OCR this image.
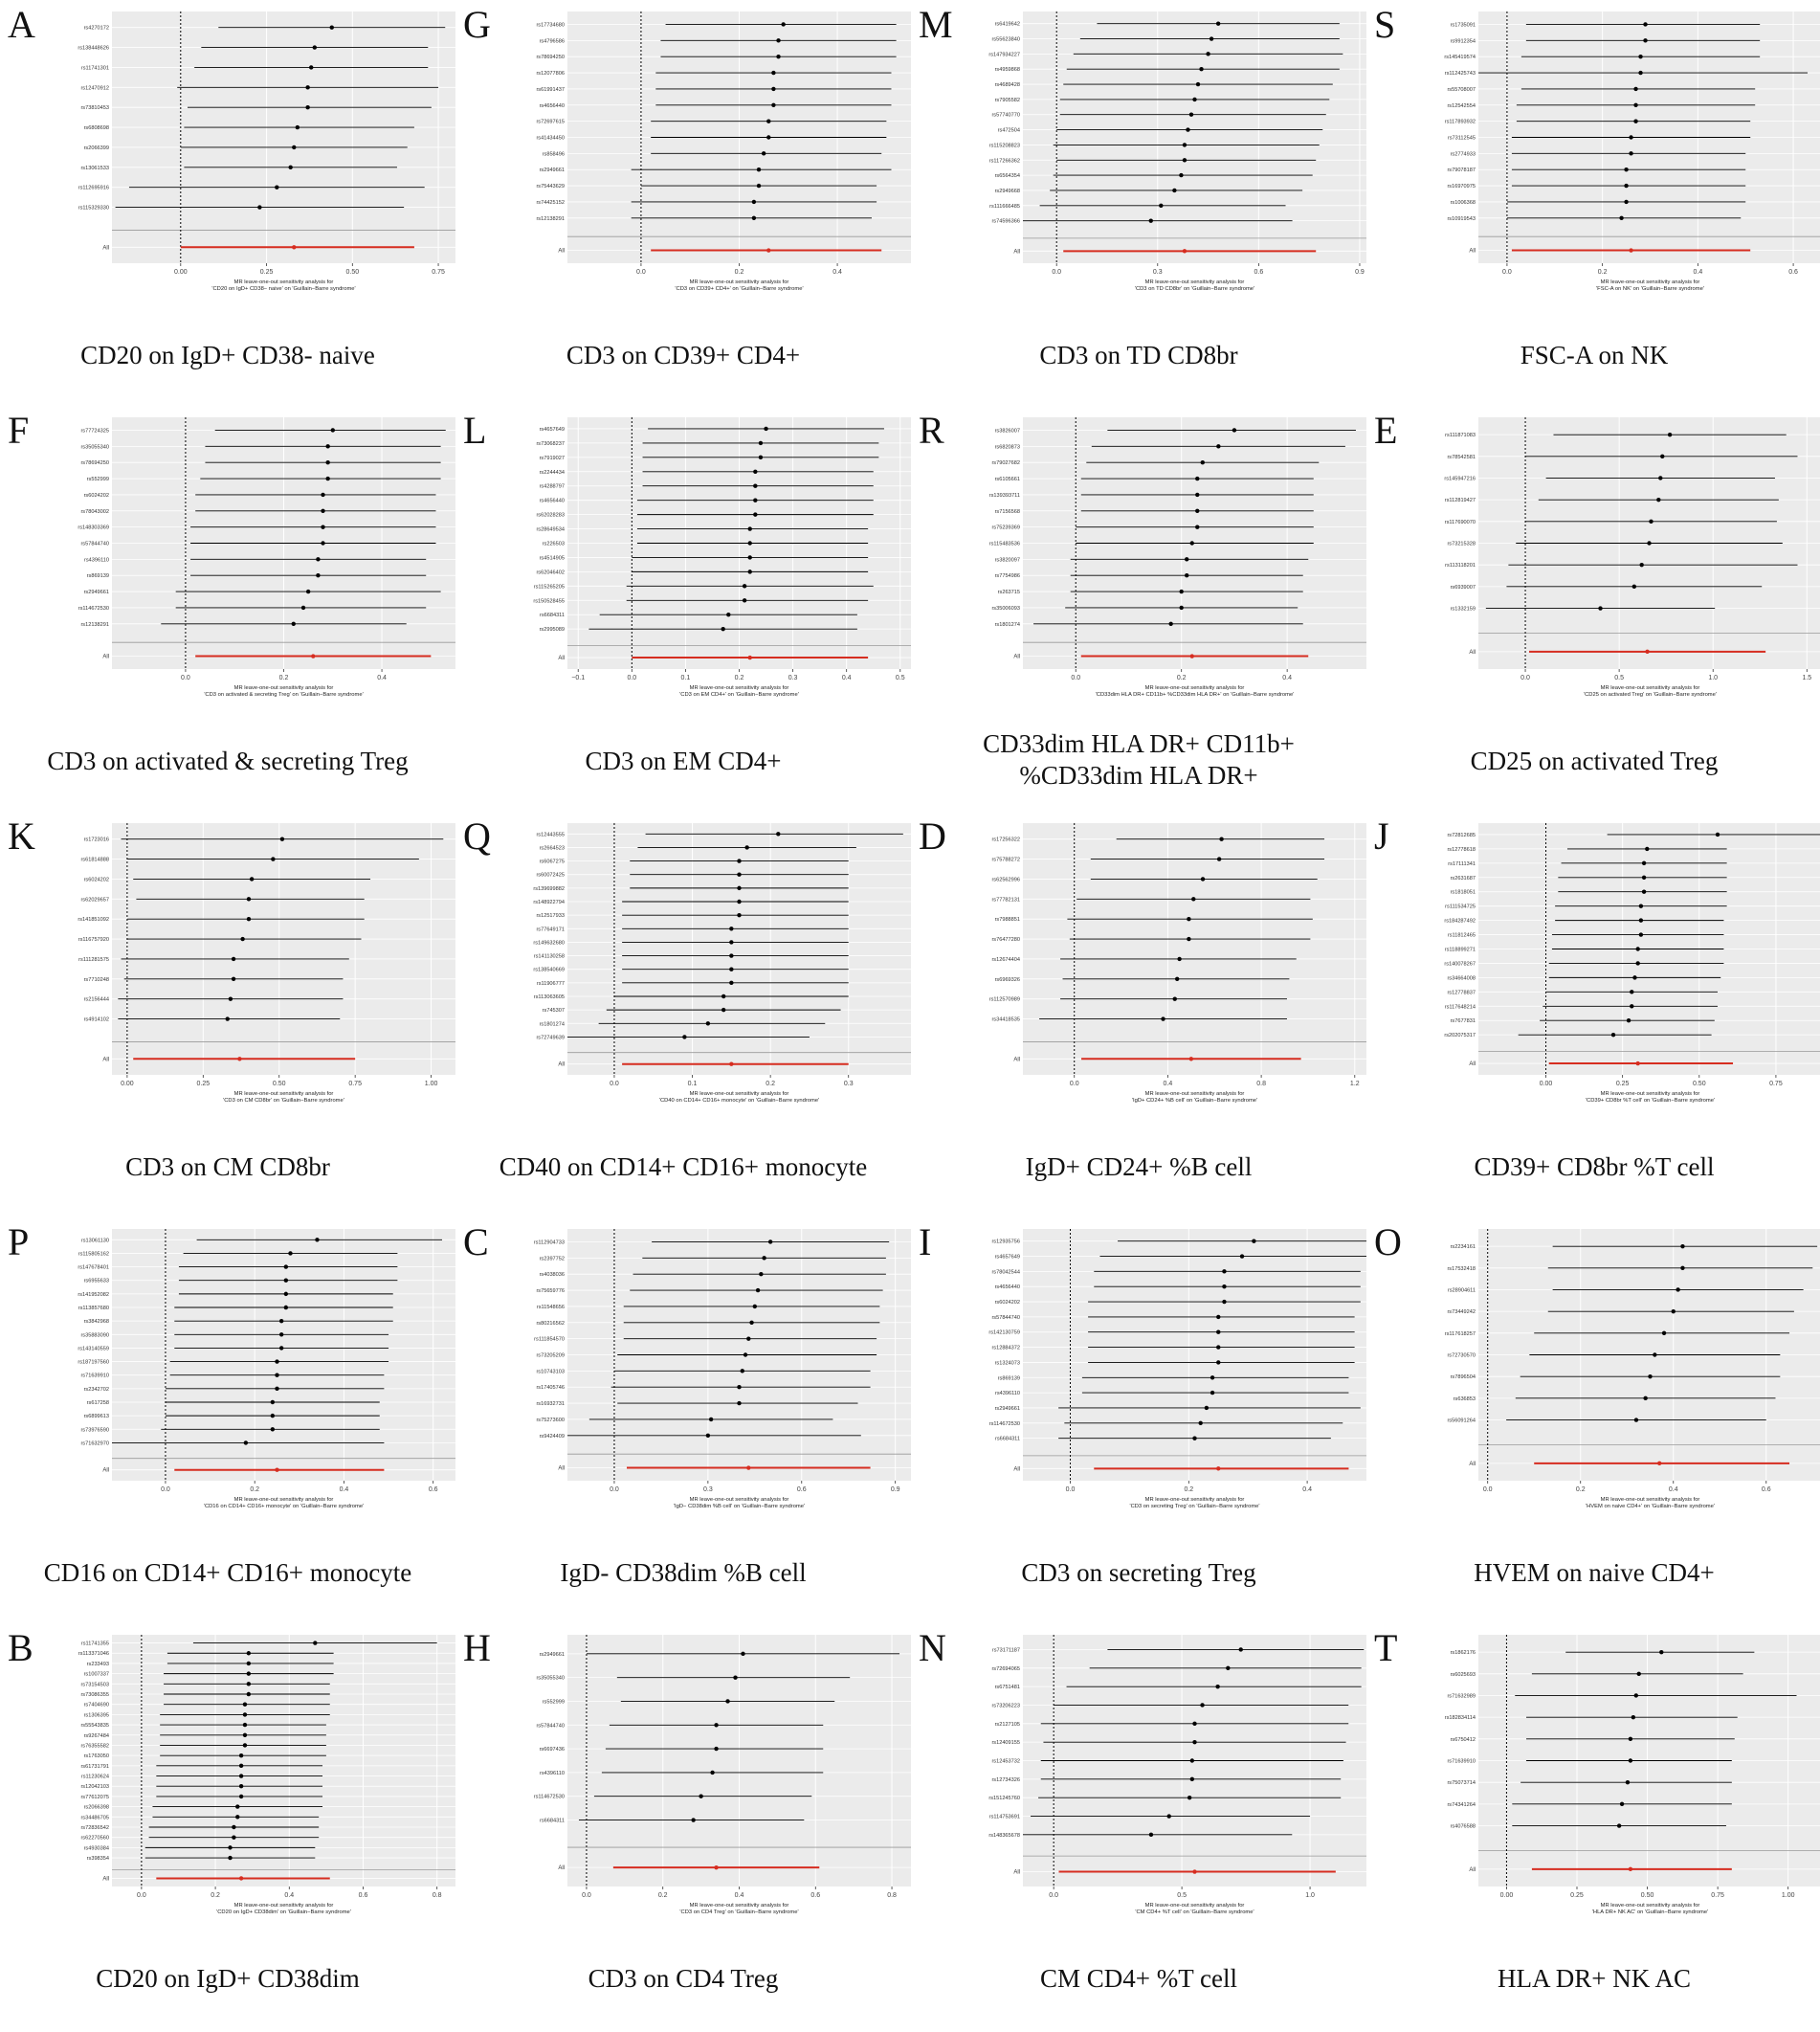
A	rs4270172
rs138448626
rs11741301
rs12470912
rs73810453
rs6808698
rs2066399
rs13061533
rs112695916
rs115329330
All
0.00	0.25	0.50	0.75
MR leave-one-out sensitivity analysis for
'CD20 on IgD+ CD38− naive' on 'Guillain−Barre syndrome'
CD20 on IgD+ CD38- naive
F	rs77724325
rs35055340
rs78694250
rs552999
rs6024202
rs78043002
rs148303369
rs57844740
rs4396110
rs869139
rs2949661
rs114672530
rs12138291
All
0.0	0.2	0.4
MR leave-one-out sensitivity analysis for
'CD3 on activated & secreting Treg' on 'Guillain−Barre syndrome'
CD3 on activated & secreting Treg
K	rs1723016
rs61814888
rs6024202
rs62029657
rs141851092
rs116757920
rs111281575
rs7710248
rs2156444
rs4914102
All
0.00	0.25	0.50	0.75	1.00
MR leave-one-out sensitivity analysis for
'CD3 on CM CD8br' on 'Guillain−Barre syndrome'
CD3 on CM CD8br
P	rs13061130
rs115805162
rs147678401
rs6955633
rs141952082
rs113857680
rs3842968
rs35883090
rs143140559
rs187197560
rs71639910
rs2342702
rs617258
rs6899613
rs73976590
rs71632970
All
0.0	0.2	0.4	0.6
MR leave-one-out sensitivity analysis for
'CD16 on CD14+ CD16+ monocyte' on 'Guillain−Barre syndrome'
CD16 on CD14+ CD16+ monocyte
B	rs11741355
rs113371046
rs233493
rs1007337
rs73154503
rs73086355
rs7404690
rs1306395
rs55543835
rs9267484
rs76355582
rs1763050
rs61731791
rs11230624
rs12042103
rs77612075
rs2066398
rs34486705
rs72836542
rs62270560
rs4930384
rs398354
All
0.0	0.2	0.4	0.6	0.8
MR leave-one-out sensitivity analysis for
'CD20 on IgD+ CD38dim' on 'Guillain−Barre syndrome'
CD20 on IgD+ CD38dim
G	rs17734680
rs4796586
rs78694250
rs12077806
rs61991437
rs4656440
rs72697615
rs41434450
rs858496
rs2949661
rs75443629
rs74425152
rs12138291
All
0.0	0.2	0.4
MR leave-one-out sensitivity analysis for
'CD3 on CD39+ CD4+' on 'Guillain−Barre syndrome'
CD3 on CD39+ CD4+
L	rs4657649
rs73068237
rs7919027
rs2244434
rs4288797
rs4656440
rs62028283
rs28649534
rs226503
rs4514905
rs62046402
rs115265205
rs150528455
rs6684311
rs2995089
All
−0.1	0.0	0.1	0.2	0.3	0.4	0.5
MR leave-one-out sensitivity analysis for
'CD3 on EM CD4+' on 'Guillain−Barre syndrome'
CD3 on EM CD4+
Q	rs12443555
rs2664523
rs6067275
rs60072425
rs139699882
rs148922794
rs12517933
rs77649171
rs149632680
rs141130258
rs138540669
rs11906777
rs113063605
rs745307
rs1801274
rs72749639
All
0.0	0.1	0.2	0.3
MR leave-one-out sensitivity analysis for
'CD40 on CD14+ CD16+ monocyte' on 'Guillain−Barre syndrome'
CD40 on CD14+ CD16+ monocyte
C	rs112904733
rs2397752
rs4038036
rs75659776
rs11548656
rs80216562
rs111854570
rs73205209
rs10743103
rs17405746
rs16932731
rs75273600
rs9424409
All
0.0	0.3	0.6	0.9
MR leave-one-out sensitivity analysis for
'IgD− CD38dim %B cell' on 'Guillain−Barre syndrome'
IgD- CD38dim %B cell
H	rs2949661
rs35055340
rs552999
rs57844740
rs6697436
rs4396110
rs114672530
rs6684311
All
0.0	0.2	0.4	0.6	0.8
MR leave-one-out sensitivity analysis for
'CD3 on CD4 Treg' on 'Guillain−Barre syndrome'
CD3 on CD4 Treg
M	rs6419642
rs55623840
rs147934227
rs4959868
rs4689428
rs7905582
rs57740770
rs472504
rs115208823
rs117266362
rs6564354
rs2949668
rs111666485
rs74596366
All
0.0	0.3	0.6	0.9
MR leave-one-out sensitivity analysis for
'CD3 on TD CD8br' on 'Guillain−Barre syndrome'
CD3 on TD CD8br
R	rs3826007
rs6820873
rs79027682
rs6105661
rs139393711
rs7156568
rs75239369
rs115483536
rs3820097
rs7754986
rs263715
rs35006093
rs1801274
All
0.0	0.2	0.4
MR leave-one-out sensitivity analysis for
'CD33dim HLA DR+ CD11b+ %CD33dim HLA DR+' on 'Guillain−Barre syndrome'
CD33dim HLA DR+ CD11b+ %CD33dim HLA DR+
D	rs17256322
rs75788272
rs62562996
rs77782131
rs7988851
rs76477280
rs12674404
rs6969326
rs112570989
rs34418535
All
0.0	0.4	0.8	1.2
MR leave-one-out sensitivity analysis for
'IgD+ CD24+ %B cell' on 'Guillain−Barre syndrome'
IgD+ CD24+ %B cell
I	rs12935756
rs4657649
rs78042544
rs4656440
rs6024202
rs57844740
rs142130759
rs12884372
rs1324073
rs869139
rs4396110
rs2949661
rs114672530
rs6684311
All
0.0	0.2	0.4
MR leave-one-out sensitivity analysis for
'CD3 on secreting Treg' on 'Guillain−Barre syndrome'
CD3 on secreting Treg
N	rs73171187
rs72694065
rs6751481
rs73206223
rs2127105
rs12409155
rs12453732
rs12734326
rs151245760
rs114753691
rs148365678
All
0.0	0.5	1.0
MR leave-one-out sensitivity analysis for
'CM CD4+ %T cell' on 'Guillain−Barre syndrome'
CM CD4+ %T cell
S	rs1735091
rs9912354
rs145419574
rs112425743
rs55708007
rs12542554
rs117893932
rs73112545
rs2774933
rs79078187
rs16970975
rs1006368
rs10919543
All
0.0	0.2	0.4	0.6
MR leave-one-out sensitivity analysis for
'FSC-A on NK' on 'Guillain−Barre syndrome'
FSC-A on NK
E	rs111871083
rs78542581
rs145947216
rs112819427
rs117690070
rs73215328
rs113118201
rs6939007
rs1332159
All
0.0	0.5	1.0	1.5
MR leave-one-out sensitivity analysis for
'CD25 on activated Treg' on 'Guillain−Barre syndrome'
CD25 on activated Treg
J	rs72812685
rs12778618
rs17111341
rs2631687
rs1818051
rs111534725
rs184287492
rs11812465
rs118899271
rs140078267
rs34664008
rs12778837
rs117648214
rs7677831
rs202075317
All
0.00	0.25	0.50	0.75
MR leave-one-out sensitivity analysis for
'CD39+ CD8br %T cell' on 'Guillain−Barre syndrome'
CD39+ CD8br %T cell
O	rs2234161
rs17532418
rs28904611
rs73449242
rs117618257
rs72730570
rs7896504
rs636853
rs56091264
All
0.0	0.2	0.4	0.6
MR leave-one-out sensitivity analysis for
'HVEM on naive CD4+' on 'Guillain−Barre syndrome'
HVEM on naive CD4+
T	rs1862176
rs6025693
rs71632989
rs182834114
rs6750412
rs71639910
rs75073714
rs74341264
rs4076588
All
0.00	0.25	0.50	0.75	1.00
MR leave-one-out sensitivity analysis for
'HLA DR+ NK AC' on 'Guillain−Barre syndrome'
HLA DR+ NK AC
